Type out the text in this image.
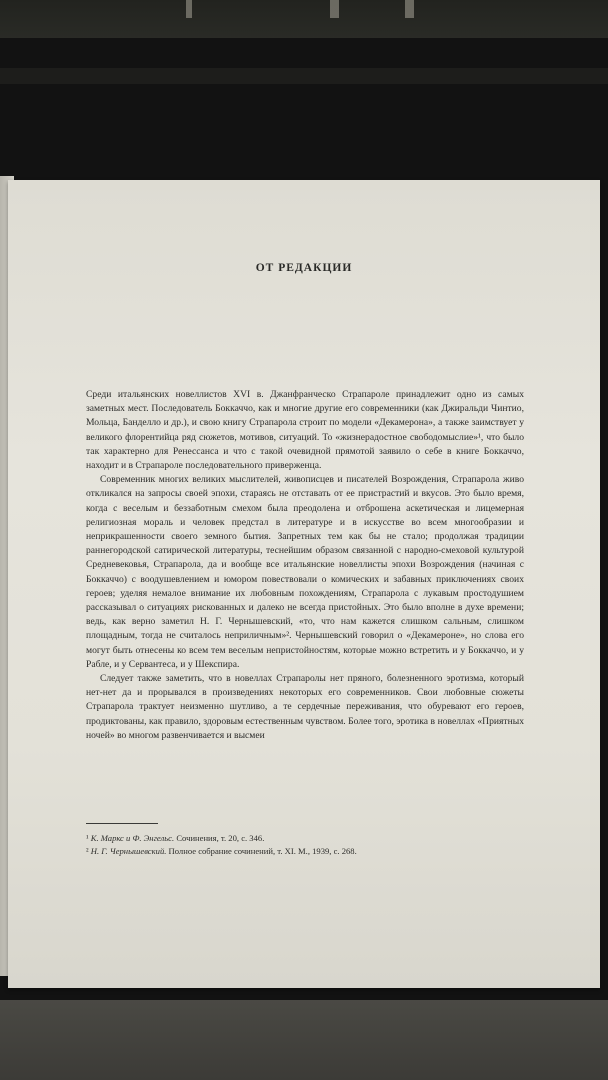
ОТ РЕДАКЦИИ

Среди итальянских новеллистов XVI в. Джанфранческо Страпароле принадлежит одно из самых заметных мест. Последователь Боккаччо, как и многие другие его современники (как Джиральди Чинтио, Мольца, Банделло и др.), и свою книгу Страпарола строит по модели «Декамерона», а также заимствует у великого флорентийца ряд сюжетов, мотивов, ситуаций. То «жизнерадостное свободомыслие»¹, что было так характерно для Ренессанса и что с такой очевидной прямотой заявило о себе в книге Боккаччо, находит и в Страпароле последовательного приверженца.

Современник многих великих мыслителей, живописцев и писателей Возрождения, Страпарола живо откликался на запросы своей эпохи, стараясь не отставать от ее пристрастий и вкусов. Это было время, когда с веселым и беззаботным смехом была преодолена и отброшена аскетическая и лицемерная религиозная мораль и человек предстал в литературе и в искусстве во всем многообразии и неприкрашенности своего земного бытия. Запретных тем как бы не стало; продолжая традиции раннегородской сатирической литературы, теснейшим образом связанной с народно-смеховой культурой Средневековья, Страпарола, да и вообще все итальянские новеллисты эпохи Возрождения (начиная с Боккаччо) с воодушевлением и юмором повествовали о комических и забавных приключениях своих героев; уделяя немалое внимание их любовным похождениям, Страпарола с лукавым простодушием рассказывал о ситуациях рискованных и далеко не всегда пристойных. Это было вполне в духе времени; ведь, как верно заметил Н. Г. Чернышевский, «то, что нам кажется слишком сальным, слишком площадным, тогда не считалось неприличным»². Чернышевский говорил о «Декамероне», но слова его могут быть отнесены ко всем тем веселым непристойностям, которые можно встретить и у Боккаччо, и у Рабле, и у Сервантеса, и у Шекспира.

Следует также заметить, что в новеллах Страпаролы нет пряного, болезненного эротизма, который нет-нет да и прорывался в произведениях некоторых его современников. Свои любовные сюжеты Страпарола трактует неизменно шутливо, а те сердечные переживания, что обуревают его героев, продиктованы, как правило, здоровым естественным чувством. Более того, эротика в новеллах «Приятных ночей» во многом развенчивается и высмеи

¹ К. Маркс и Ф. Энгельс. Сочинения, т. 20, с. 346.
² Н. Г. Чернышевский. Полное собрание сочинений, т. XI. М., 1939, с. 268.
